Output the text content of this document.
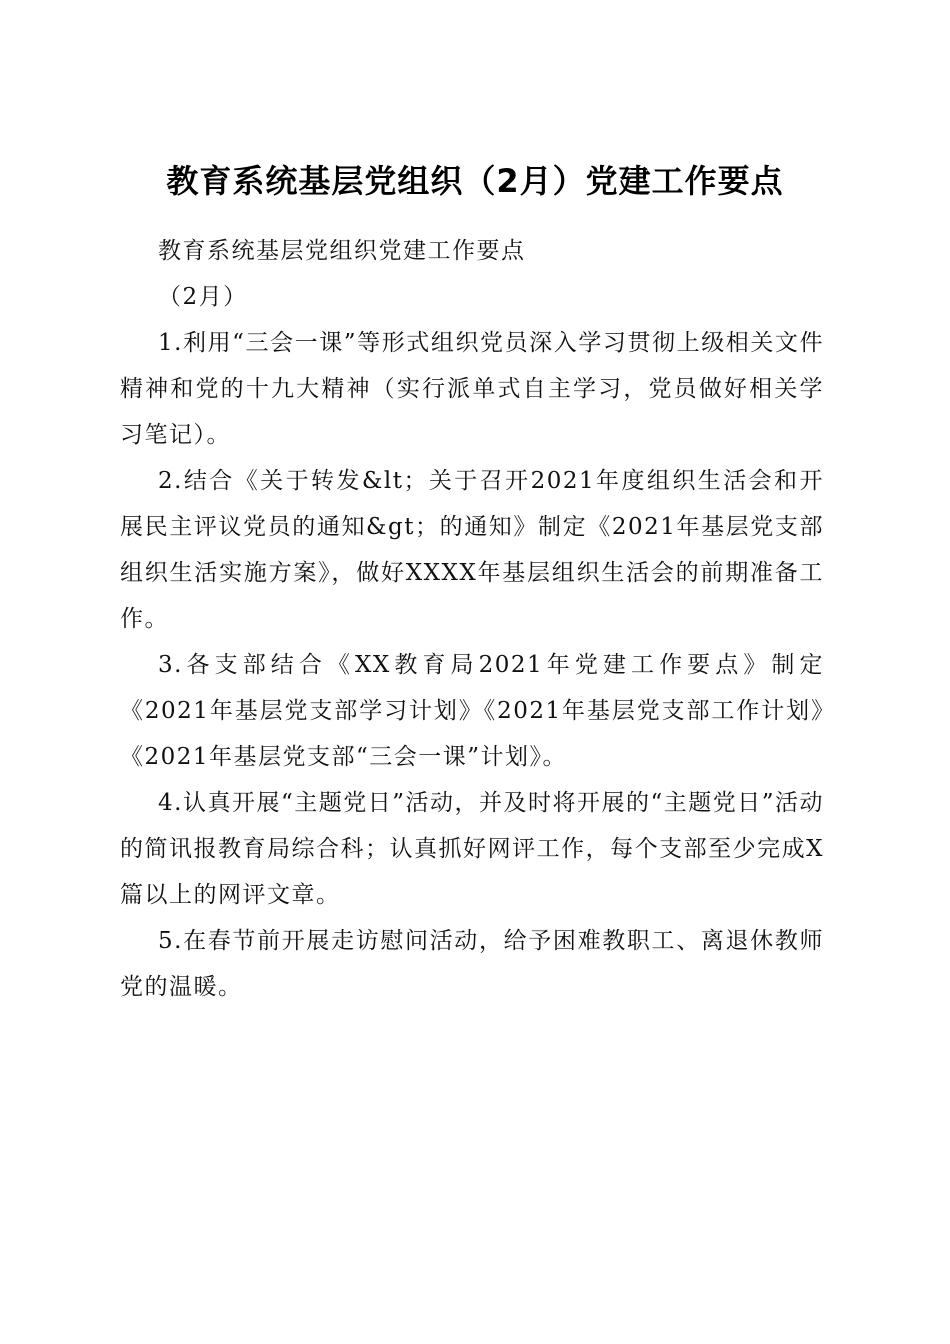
教育系统基层党组织（2月）党建工作要点

教育系统基层党组织党建工作要点

（2月）

1.利用“三会一课”等形式组织党员深入学习贯彻上级相关文件精神和党的十九大精神（实行派单式自主学习，党员做好相关学习笔记）。

2.结合《关于转发&lt；关于召开2021年度组织生活会和开展民主评议党员的通知&gt；的通知》制定《2021年基层党支部组织生活实施方案》，做好XXXX年基层组织生活会的前期准备工作。

3.各支部结合《XX教育局2021年党建工作要点》制定《2021年基层党支部学习计划》《2021年基层党支部工作计划》《2021年基层党支部“三会一课”计划》。

4.认真开展“主题党日”活动，并及时将开展的“主题党日”活动的简讯报教育局综合科；认真抓好网评工作，每个支部至少完成X篇以上的网评文章。

5.在春节前开展走访慰问活动，给予困难教职工、离退休教师党的温暖。
